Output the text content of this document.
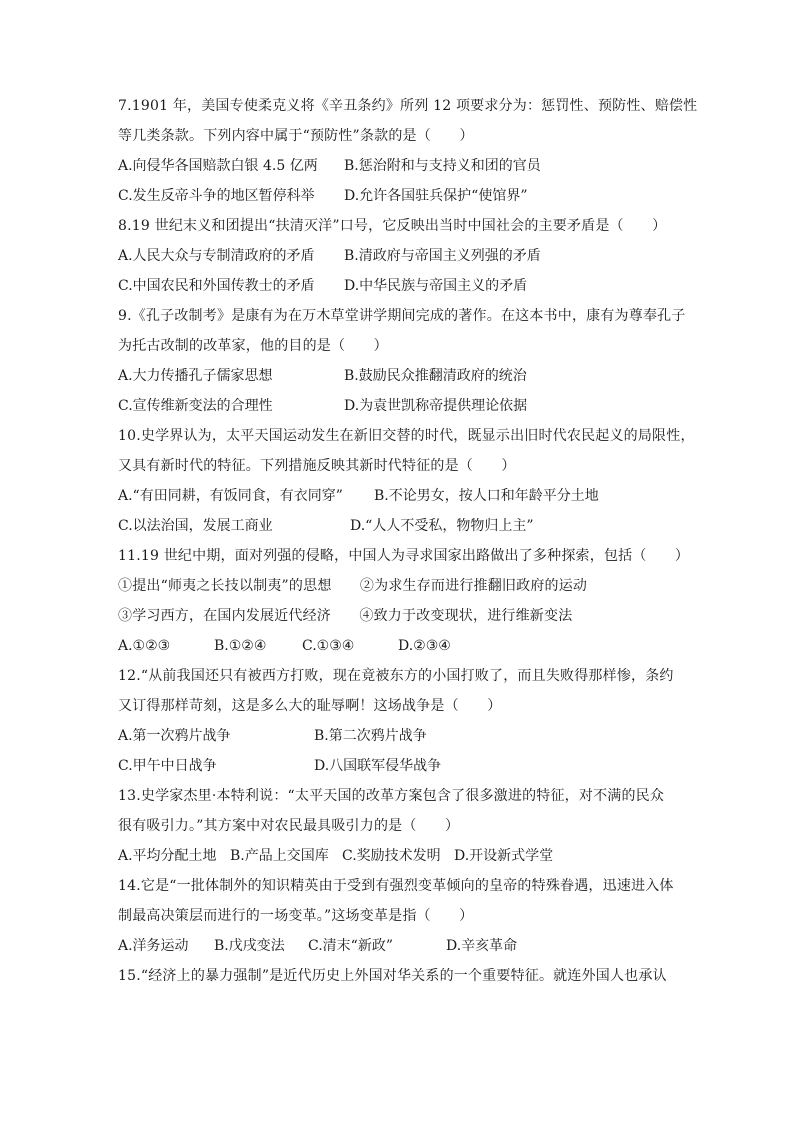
7.1901 年，美国专使柔克义将《辛丑条约》所列 12 项要求分为：惩罚性、预防性、赔偿性
等几类条款。下列内容中属于“预防性”条款的是（　　）
A.向侵华各国赔款白银 4.5 亿两 B.惩治附和与支持义和团的官员
C.发生反帝斗争的地区暂停科举 D.允许各国驻兵保护“使馆界”
8.19 世纪末义和团提出“扶清灭洋”口号，它反映出当时中国社会的主要矛盾是（　　）
A.人民大众与专制清政府的矛盾 B.清政府与帝国主义列强的矛盾
C.中国农民和外国传教士的矛盾 D.中华民族与帝国主义的矛盾
9.《孔子改制考》是康有为在万木草堂讲学期间完成的著作。在这本书中，康有为尊奉孔子
为托古改制的改革家，他的目的是（　　）
A.大力传播孔子儒家思想	B.鼓励民众推翻清政府的统治
C.宣传维新变法的合理性	D.为袁世凯称帝提供理论依据
10.史学界认为，太平天国运动发生在新旧交替的时代，既显示出旧时代农民起义的局限性，
又具有新时代的特征。下列措施反映其新时代特征的是（　　）
A.“有田同耕，有饭同食，有衣同穿” B.不论男女，按人口和年龄平分土地
C.以法治国，发展工商业	D.“人人不受私，物物归上主”
11.19 世纪中期，面对列强的侵略，中国人为寻求国家出路做出了多种探索，包括（　　）
①提出“师夷之长技以制夷”的思想　　②为求生存而进行推翻旧政府的运动
③学习西方，在国内发展近代经济　　④致力于改变现状，进行维新变法
A.①②③	B.①②④	C.①③④	D.②③④
12.“从前我国还只有被西方打败，现在竟被东方的小国打败了，而且失败得那样惨，条约
又订得那样苛刻，这是多么大的耻辱啊！这场战争是（　　）
A.第一次鸦片战争	B.第二次鸦片战争
C.甲午中日战争	D.八国联军侵华战争
13.史学家杰里·本特利说：“太平天国的改革方案包含了很多激进的特征，对不满的民众
很有吸引力。”其方案中对农民最具吸引力的是（　　）
A.平均分配土地 B.产品上交国库 C.奖励技术发明 D.开设新式学堂
14.它是“一批体制外的知识精英由于受到有强烈变革倾向的皇帝的特殊眷遇，迅速进入体
制最高决策层而进行的一场变革。”这场变革是指（　　）
A.洋务运动 B.戊戌变法 C.清末“新政”	D.辛亥革命
15.“经济上的暴力强制”是近代历史上外国对华关系的一个重要特征。就连外国人也承认
